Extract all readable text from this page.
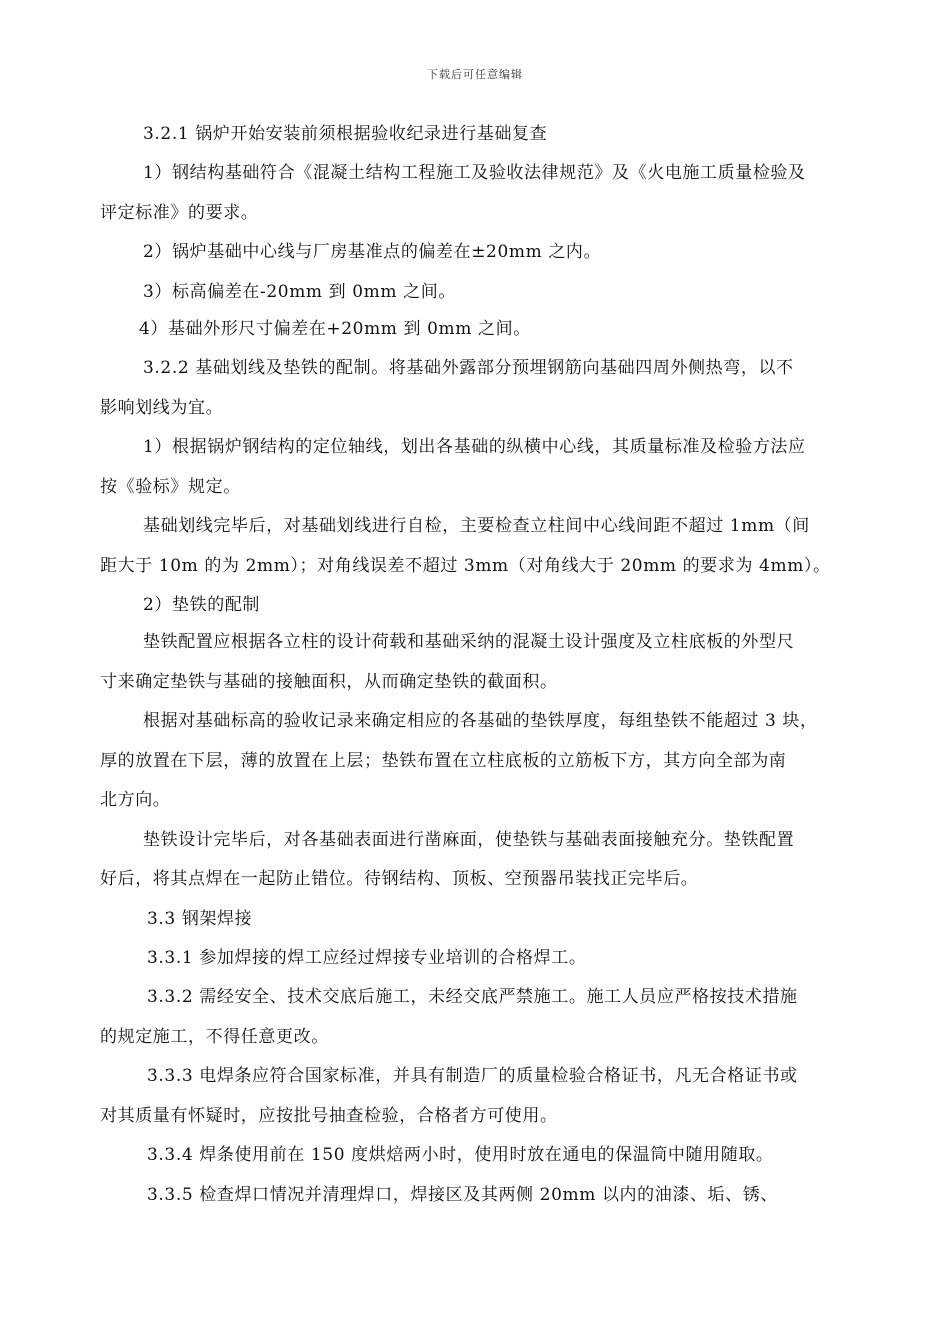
下载后可任意编辑
3.2.1 锅炉开始安装前须根据验收纪录进行基础复查
1）钢结构基础符合《混凝土结构工程施工及验收法律规范》及《火电施工质量检验及
评定标准》的要求。
2）锅炉基础中心线与厂房基准点的偏差在±20mm 之内。
3）标高偏差在-20mm 到 0mm 之间。
4）基础外形尺寸偏差在+20mm 到 0mm 之间。
3.2.2 基础划线及垫铁的配制。将基础外露部分预埋钢筋向基础四周外侧热弯，以不
影响划线为宜。
1）根据锅炉钢结构的定位轴线，划出各基础的纵横中心线，其质量标准及检验方法应
按《验标》规定。
基础划线完毕后，对基础划线进行自检，主要检查立柱间中心线间距不超过 1mm（间
距大于 10m 的为 2mm）；对角线误差不超过 3mm（对角线大于 20mm 的要求为 4mm）。
2）垫铁的配制
垫铁配置应根据各立柱的设计荷载和基础采纳的混凝土设计强度及立柱底板的外型尺
寸来确定垫铁与基础的接触面积，从而确定垫铁的截面积。
根据对基础标高的验收记录来确定相应的各基础的垫铁厚度，每组垫铁不能超过 3 块，
厚的放置在下层，薄的放置在上层；垫铁布置在立柱底板的立筋板下方，其方向全部为南
北方向。
垫铁设计完毕后，对各基础表面进行凿麻面，使垫铁与基础表面接触充分。垫铁配置
好后，将其点焊在一起防止错位。待钢结构、顶板、空预器吊装找正完毕后。
3.3 钢架焊接
3.3.1 参加焊接的焊工应经过焊接专业培训的合格焊工。
3.3.2 需经安全、技术交底后施工，未经交底严禁施工。施工人员应严格按技术措施
的规定施工，不得任意更改。
3.3.3 电焊条应符合国家标准，并具有制造厂的质量检验合格证书，凡无合格证书或
对其质量有怀疑时，应按批号抽查检验，合格者方可使用。
3.3.4 焊条使用前在 150 度烘焙两小时，使用时放在通电的保温筒中随用随取。
3.3.5 检查焊口情况并清理焊口，焊接区及其两侧 20mm 以内的油漆、垢、锈、
